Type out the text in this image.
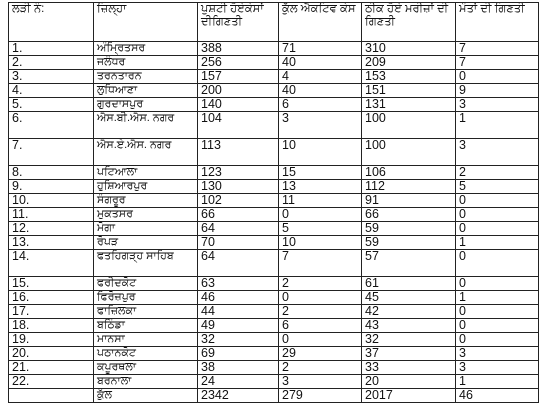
ਲੜੀ ਨੰ:	ਜ਼ਿਲ੍ਹਾ	ਪੁਸ਼ਟੀ ਹੋਏਕੇਸਾਂ ਦੀਗਿਣਤੀ	ਕੁੱਲ ਐਕਟਿਵ ਕੇਸ	ਠੀਕ ਹੋਏ ਮਰੀਜ਼ਾਂ ਦੀ ਗਿਣਤੀ	ਮੌਤਾਂ ਦੀ ਗਿਣਤੀ
1.	ਅੰਮ੍ਰਿਤਸਰ	388	71	310	7
2.	ਜਲੰਧਰ	256	40	209	7
3.	ਤਰਨਤਾਰਨ	157	4	153	0
4.	ਲੁਧਿਆਣਾ	200	40	151	9
5.	ਗੁਰਦਾਸਪੁਰ	140	6	131	3
6.	ਐਸ.ਬੀ.ਐਸ. ਨਗਰ	104	3	100	1
7.	ਐਸ.ਏ.ਐਸ. ਨਗਰ	113	10	100	3
8.	ਪਟਿਆਲਾ	123	15	106	2
9.	ਹੁਸ਼ਿਆਰਪੁਰ	130	13	112	5
10.	ਸੰਗਰੂਰ	102	11	91	0
11.	ਮੁਕਤਸਰ	66	0	66	0
12.	ਮੋਗਾ	64	5	59	0
13.	ਰੋਪੜ	70	10	59	1
14.	ਫਤਹਿਗੜ੍ਹ ਸਾਹਿਬ	64	7	57	0
15.	ਫਰੀਦਕੋਟ	63	2	61	0
16.	ਫਿਰੋਜ਼ਪੁਰ	46	0	45	1
17.	ਫਾਜ਼ਿਲਕਾ	44	2	42	0
18.	ਬਠਿੰਡਾ	49	6	43	0
19.	ਮਾਨਸਾ	32	0	32	0
20.	ਪਠਾਨਕੋਟ	69	29	37	3
21.	ਕਪੂਰਥਲਾ	38	2	33	3
22.	ਬਰਨਾਲਾ	24	3	20	1
	ਕੁੱਲ	2342	279	2017	46
